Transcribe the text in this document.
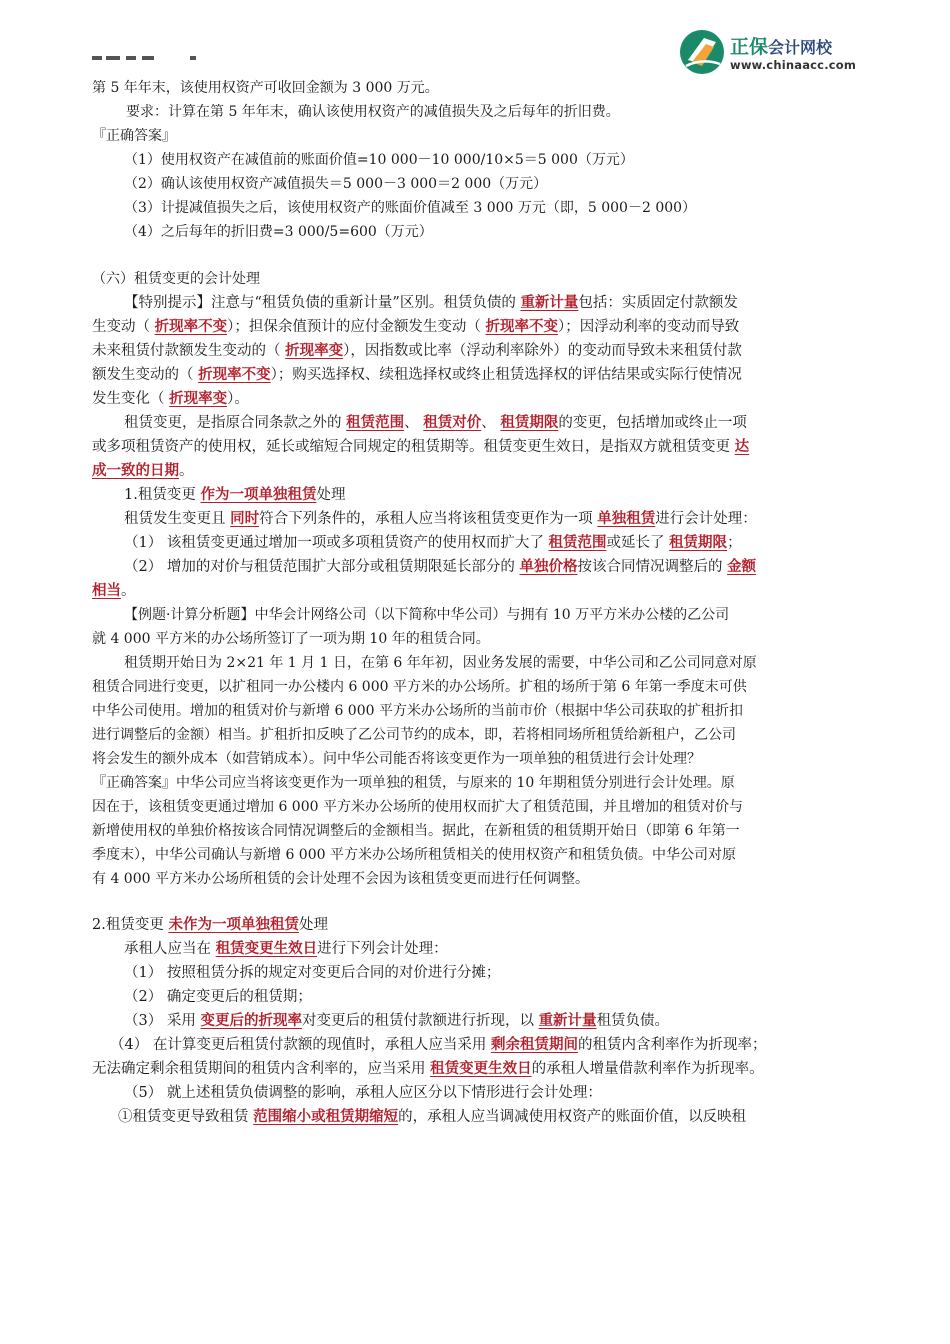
正保会计网校
www.chinaacc.com
第 5 年年末，该使用权资产可收回金额为 3 000 万元。
要求：计算在第 5 年年末，确认该使用权资产的减值损失及之后每年的折旧费。
『正确答案』
（1）使用权资产在减值前的账面价值=10 000－10 000/10×5＝5 000（万元）
（2）确认该使用权资产减值损失＝5 000－3 000＝2 000（万元）
（3）计提减值损失之后，该使用权资产的账面价值减至 3 000 万元（即，5 000－2 000）
（4）之后每年的折旧费=3 000/5=600（万元）
（六）租赁变更的会计处理
【特别提示】注意与“租赁负债的重新计量”区别。租赁负债的 重新计量包括：实质固定付款额发
生变动（ 折现率不变）；担保余值预计的应付金额发生变动（ 折现率不变）；因浮动利率的变动而导致
未来租赁付款额发生变动的（ 折现率变），因指数或比率（浮动利率除外）的变动而导致未来租赁付款
额发生变动的（ 折现率不变）；购买选择权、续租选择权或终止租赁选择权的评估结果或实际行使情况
发生变化（ 折现率变）。
租赁变更，是指原合同条款之外的 租赁范围、 租赁对价、 租赁期限的变更，包括增加或终止一项
或多项租赁资产的使用权，延长或缩短合同规定的租赁期等。租赁变更生效日，是指双方就租赁变更 达
成一致的日期。
1.租赁变更 作为一项单独租赁处理
租赁发生变更且 同时符合下列条件的，承租人应当将该租赁变更作为一项 单独租赁进行会计处理：
（1） 该租赁变更通过增加一项或多项租赁资产的使用权而扩大了 租赁范围或延长了 租赁期限；
（2） 增加的对价与租赁范围扩大部分或租赁期限延长部分的 单独价格按该合同情况调整后的 金额
相当。
【例题·计算分析题】中华会计网络公司（以下简称中华公司）与拥有 10 万平方米办公楼的乙公司
就 4 000 平方米的办公场所签订了一项为期 10 年的租赁合同。
租赁期开始日为 2×21 年 1 月 1 日，在第 6 年年初，因业务发展的需要，中华公司和乙公司同意对原
租赁合同进行变更，以扩租同一办公楼内 6 000 平方米的办公场所。扩租的场所于第 6 年第一季度末可供
中华公司使用。增加的租赁对价与新增 6 000 平方米办公场所的当前市价（根据中华公司获取的扩租折扣
进行调整后的金额）相当。扩租折扣反映了乙公司节约的成本，即，若将相同场所租赁给新租户，乙公司
将会发生的额外成本（如营销成本）。问中华公司能否将该变更作为一项单独的租赁进行会计处理？
『正确答案』中华公司应当将该变更作为一项单独的租赁，与原来的 10 年期租赁分别进行会计处理。原
因在于，该租赁变更通过增加 6 000 平方米办公场所的使用权而扩大了租赁范围，并且增加的租赁对价与
新增使用权的单独价格按该合同情况调整后的金额相当。据此，在新租赁的租赁期开始日（即第 6 年第一
季度末），中华公司确认与新增 6 000 平方米办公场所租赁相关的使用权资产和租赁负债。中华公司对原
有 4 000 平方米办公场所租赁的会计处理不会因为该租赁变更而进行任何调整。
2.租赁变更 未作为一项单独租赁处理
承租人应当在 租赁变更生效日进行下列会计处理：
（1） 按照租赁分拆的规定对变更后合同的对价进行分摊；
（2） 确定变更后的租赁期；
（3） 采用 变更后的折现率对变更后的租赁付款额进行折现，以 重新计量租赁负债。
（4） 在计算变更后租赁付款额的现值时，承租人应当采用 剩余租赁期间的租赁内含利率作为折现率；
无法确定剩余租赁期间的租赁内含利率的，应当采用 租赁变更生效日的承租人增量借款利率作为折现率。
（5） 就上述租赁负债调整的影响，承租人应区分以下情形进行会计处理：
①租赁变更导致租赁 范围缩小或租赁期缩短的，承租人应当调减使用权资产的账面价值，以反映租
